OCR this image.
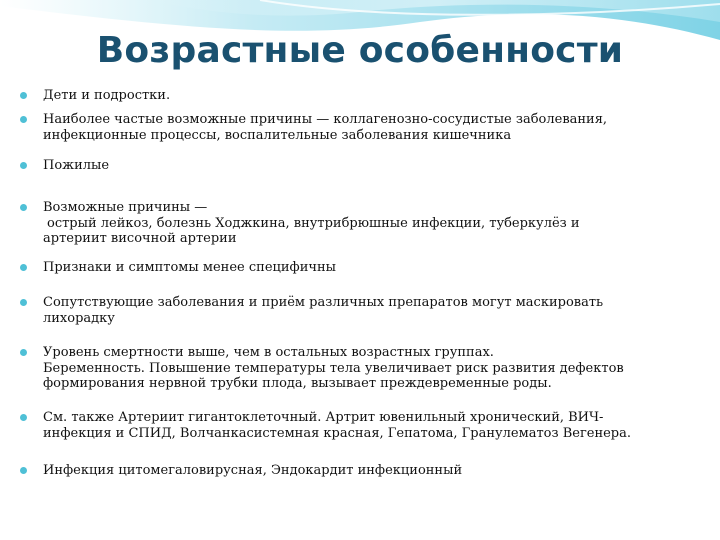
Возрастные особенности
Дети и подростки.
Наиболее частые возможные причины — коллагенозно-сосудистые заболевания,
инфекционные процессы, воспалительные заболевания кишечника
Пожилые
Возможные причины —
острый лейкоз, болезнь Ходжкина, внутрибрюшные инфекции, туберкулёз и
артериит височной артерии
Признаки и симптомы менее специфичны
Сопутствующие заболевания и приём различных препаратов могут маскировать
лихорадку
Уровень смертности выше, чем в остальных возрастных группах.
Беременность. Повышение температуры тела увеличивает риск развития дефектов
формирования нервной трубки плода, вызывает преждевременные роды.
См. также Артериит гигантоклеточный. Артрит ювенильный хронический, ВИЧ-
инфекция и СПИД, Волчанкасистемная красная, Гепатома, Гранулематоз Вегенера.
Инфекция цитомегаловирусная, Эндокардит инфекционный
